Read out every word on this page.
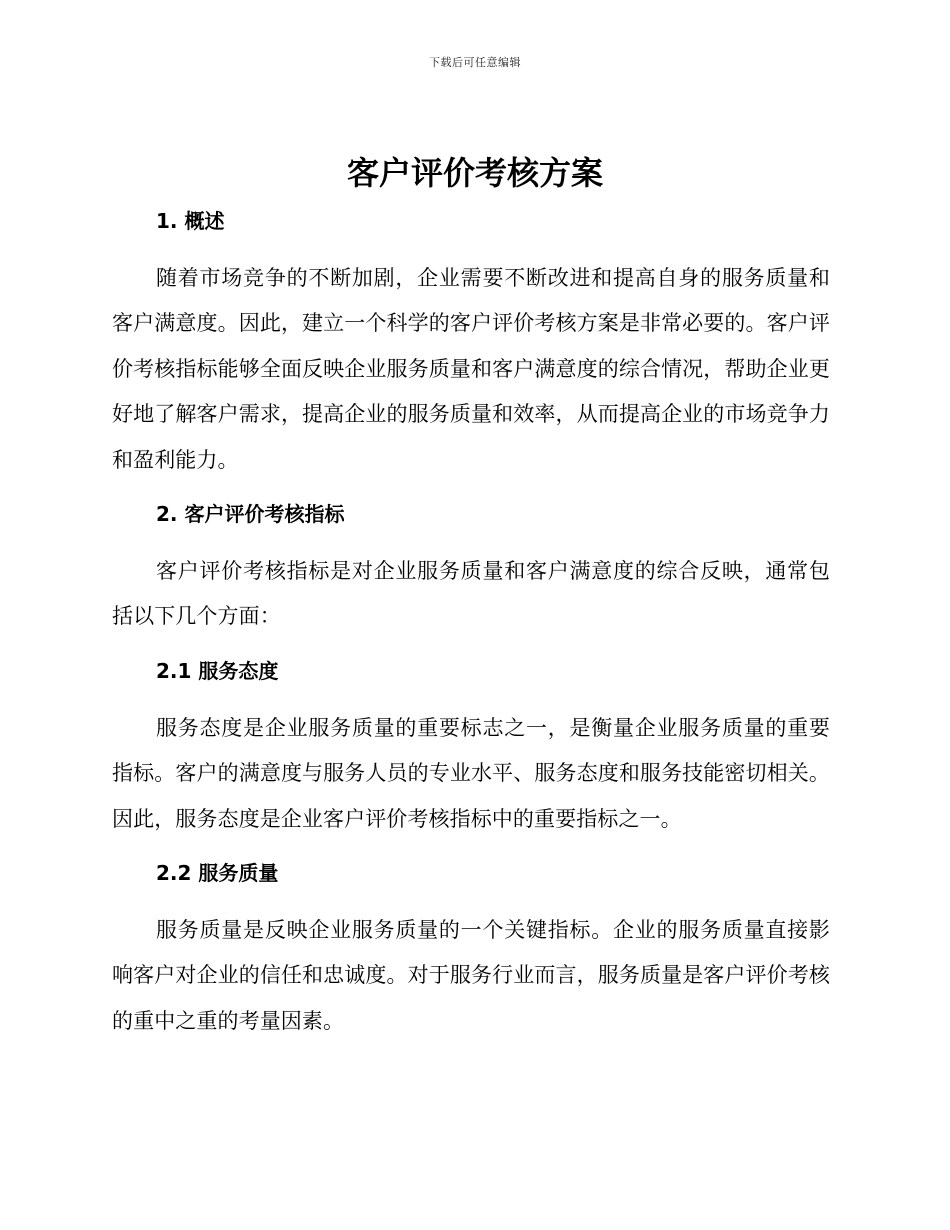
下载后可任意编辑
客户评价考核方案
1. 概述

随着市场竞争的不断加剧，企业需要不断改进和提高自身的服务质量和客户满意度。因此，建立一个科学的客户评价考核方案是非常必要的。客户评价考核指标能够全面反映企业服务质量和客户满意度的综合情况，帮助企业更好地了解客户需求，提高企业的服务质量和效率，从而提高企业的市场竞争力和盈利能力。

2. 客户评价考核指标

客户评价考核指标是对企业服务质量和客户满意度的综合反映，通常包括以下几个方面：

2.1 服务态度

服务态度是企业服务质量的重要标志之一，是衡量企业服务质量的重要指标。客户的满意度与服务人员的专业水平、服务态度和服务技能密切相关。因此，服务态度是企业客户评价考核指标中的重要指标之一。

2.2 服务质量

服务质量是反映企业服务质量的一个关键指标。企业的服务质量直接影响客户对企业的信任和忠诚度。对于服务行业而言，服务质量是客户评价考核的重中之重的考量因素。
